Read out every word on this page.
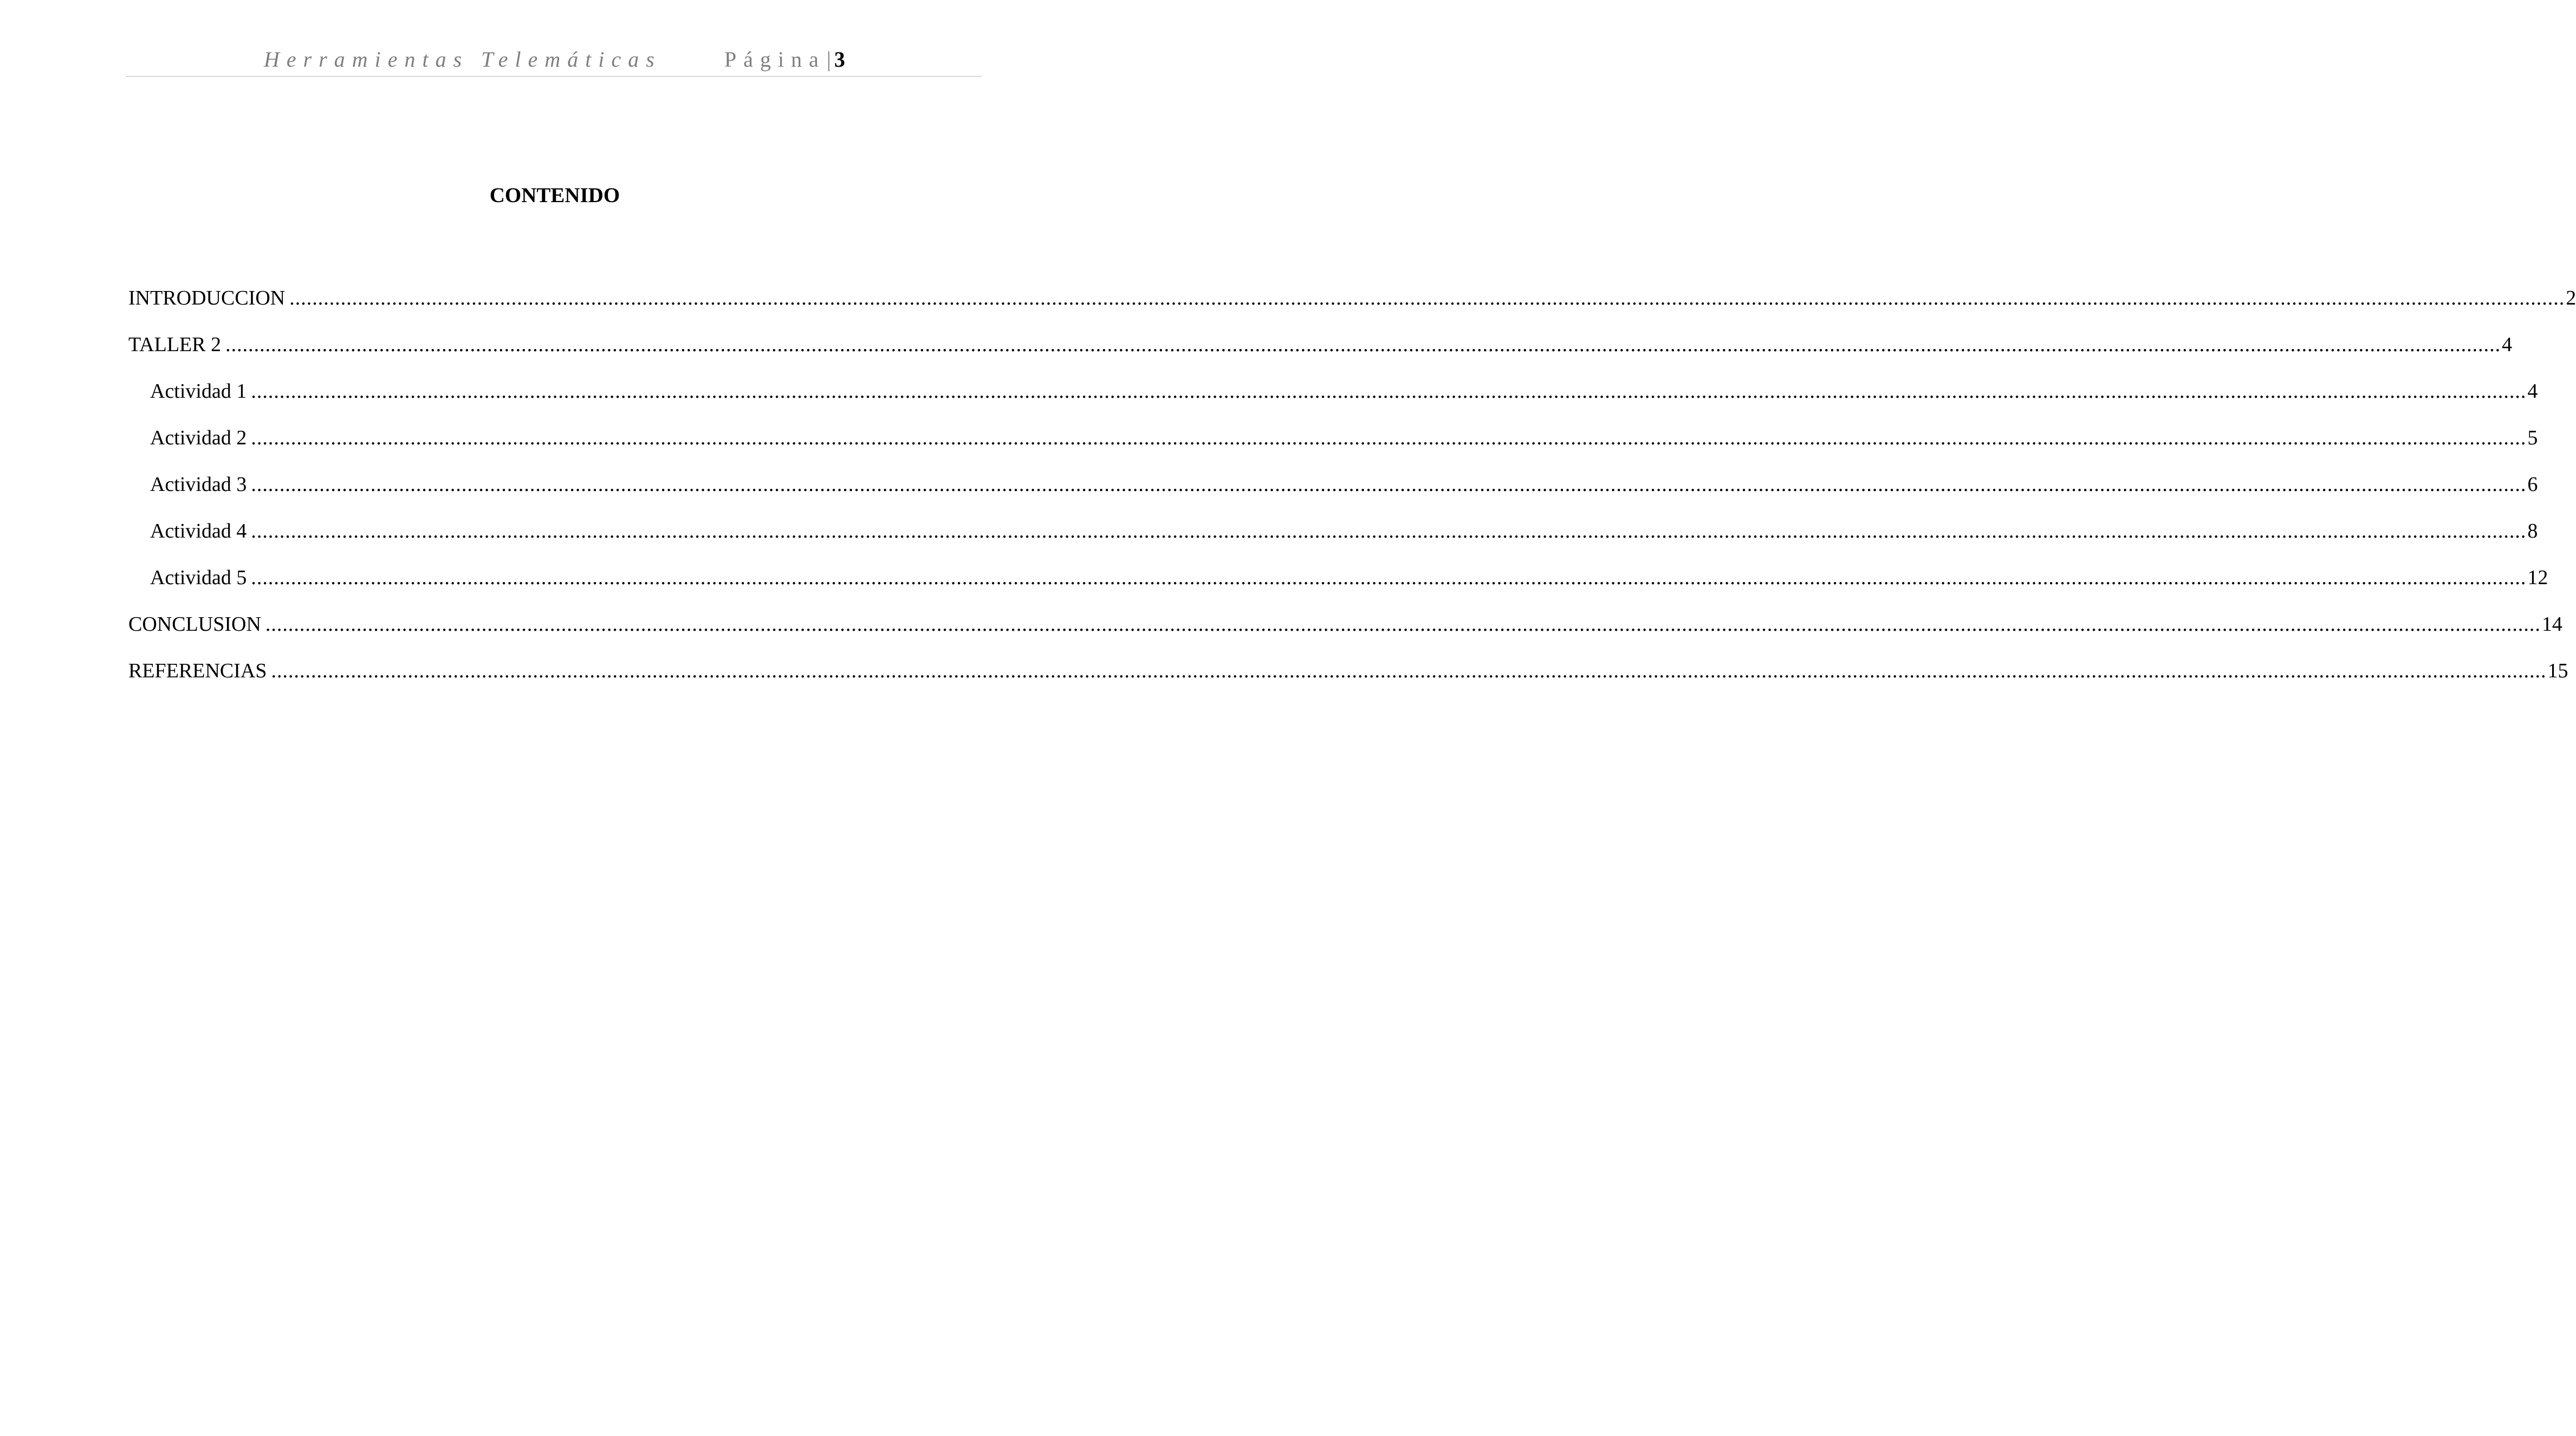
Herramientas Telemáticas	Página| 3
CONTENIDO
INTRODUCCION ................................................................................................................................................................................................................................................................................................................................................................................................................ 2
TALLER 2 ................................................................................................................................................................................................................................................................................................................................................................................................................ 4
Actividad 1 ................................................................................................................................................................................................................................................................................................................................................................................................................ 4
Actividad 2 ................................................................................................................................................................................................................................................................................................................................................................................................................ 5
Actividad 3 ................................................................................................................................................................................................................................................................................................................................................................................................................ 6
Actividad 4 ................................................................................................................................................................................................................................................................................................................................................................................................................ 8
Actividad 5 ................................................................................................................................................................................................................................................................................................................................................................................................................ 12
CONCLUSION ................................................................................................................................................................................................................................................................................................................................................................................................................ 14
REFERENCIAS ................................................................................................................................................................................................................................................................................................................................................................................................................ 15
